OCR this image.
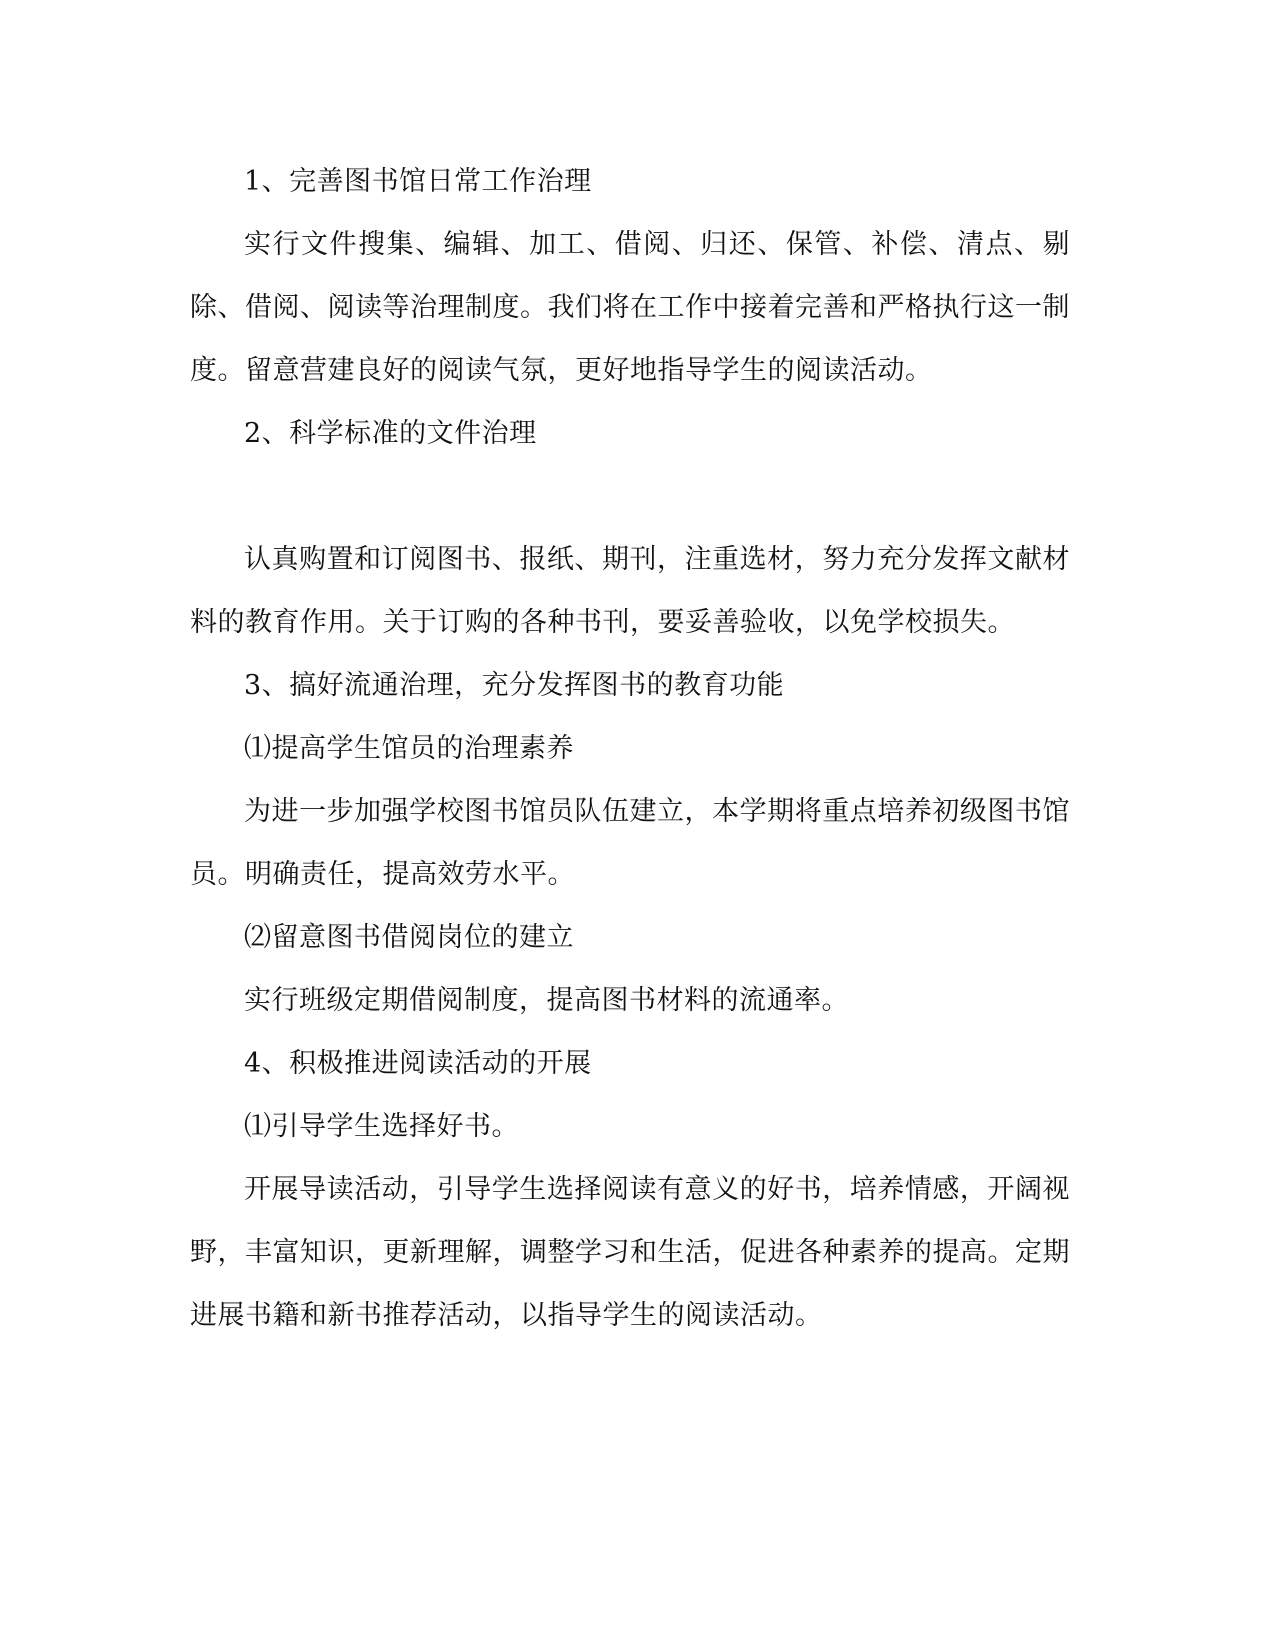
1、完善图书馆日常工作治理

实行文件搜集、编辑、加工、借阅、归还、保管、补偿、清点、剔除、借阅、阅读等治理制度。我们将在工作中接着完善和严格执行这一制度。留意营建良好的阅读气氛，更好地指导学生的阅读活动。

2、科学标准的文件治理

认真购置和订阅图书、报纸、期刊，注重选材，努力充分发挥文献材料的教育作用。关于订购的各种书刊，要妥善验收，以免学校损失。

3、搞好流通治理，充分发挥图书的教育功能

⑴提高学生馆员的治理素养

为进一步加强学校图书馆员队伍建立，本学期将重点培养初级图书馆员。明确责任，提高效劳水平。

⑵留意图书借阅岗位的建立

实行班级定期借阅制度，提高图书材料的流通率。

4、积极推进阅读活动的开展

⑴引导学生选择好书。

开展导读活动，引导学生选择阅读有意义的好书，培养情感，开阔视野，丰富知识，更新理解，调整学习和生活，促进各种素养的提高。定期进展书籍和新书推荐活动，以指导学生的阅读活动。
